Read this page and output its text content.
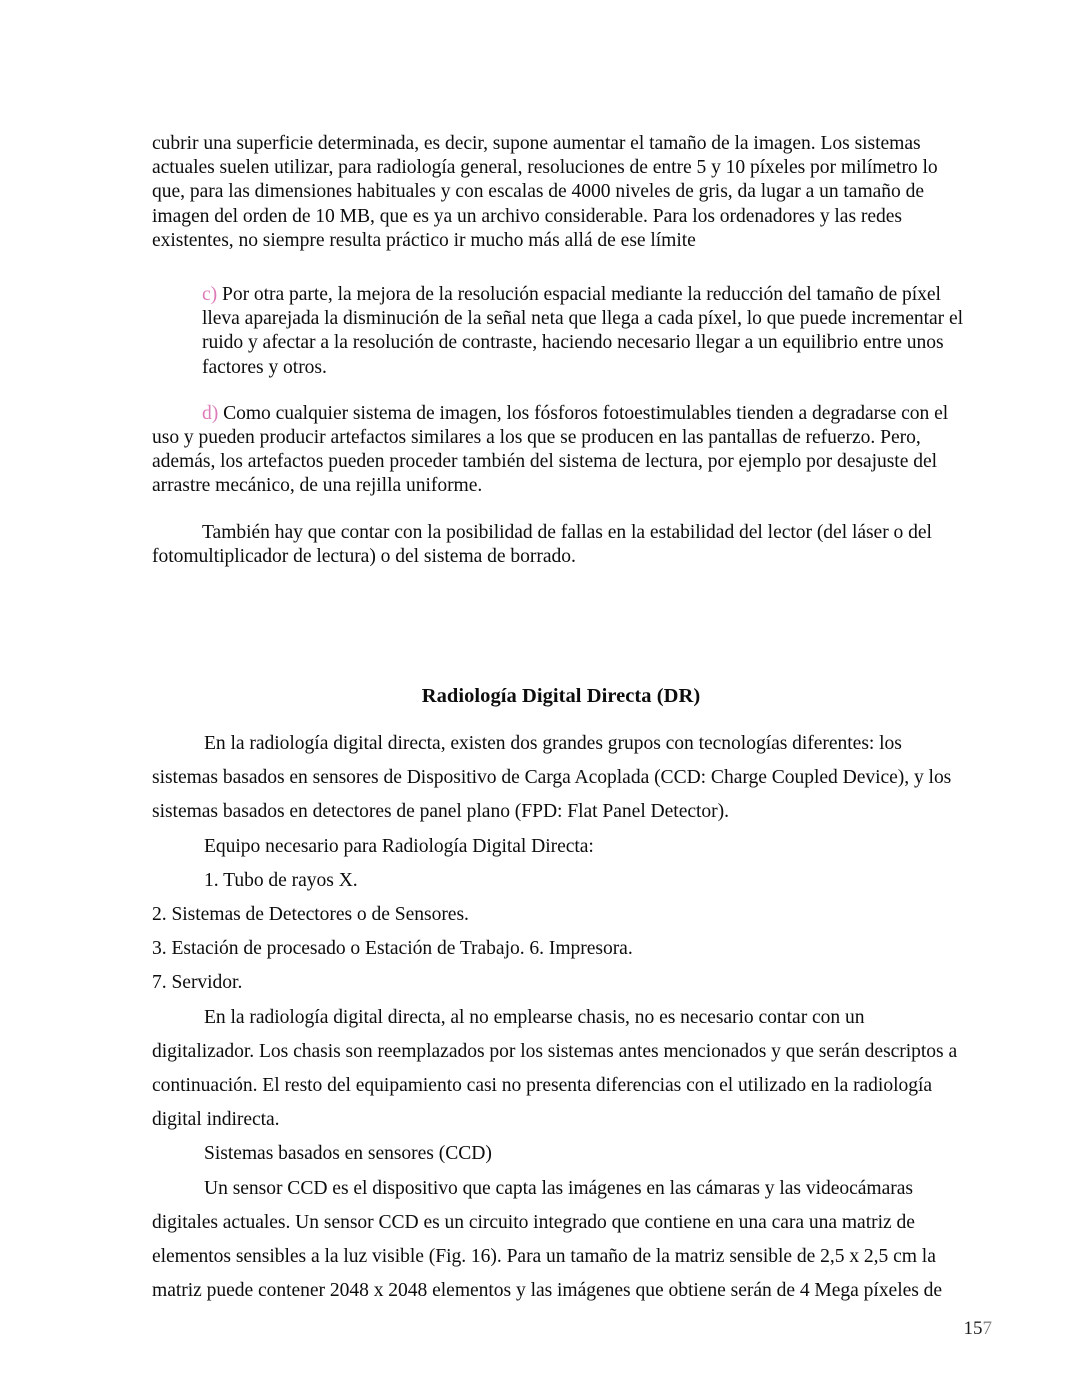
cubrir una superficie determinada, es decir, supone aumentar el tamaño de la imagen. Los sistemas actuales suelen utilizar, para radiología general, resoluciones de entre 5 y 10 píxeles por milímetro lo que, para las dimensiones habituales y con escalas de 4000 niveles de gris, da lugar a un tamaño de imagen del orden de 10 MB, que es ya un archivo considerable. Para los ordenadores y las redes existentes, no siempre resulta práctico ir mucho más allá de ese límite

c) Por otra parte, la mejora de la resolución espacial mediante la reducción del tamaño de píxel lleva aparejada la disminución de la señal neta que llega a cada píxel, lo que puede incrementar el ruido y afectar a la resolución de contraste, haciendo necesario llegar a un equilibrio entre unos factores y otros.

d) Como cualquier sistema de imagen, los fósforos fotoestimulables tienden a degradarse con el uso y pueden producir artefactos similares a los que se producen en las pantallas de refuerzo. Pero, además, los artefactos pueden proceder también del sistema de lectura, por ejemplo por desajuste del arrastre mecánico, de una rejilla uniforme.

También hay que contar con la posibilidad de fallas en la estabilidad del lector (del láser o del fotomultiplicador de lectura) o del sistema de borrado.

Radiología Digital Directa (DR)

En la radiología digital directa, existen dos grandes grupos con tecnologías diferentes: los sistemas basados en sensores de Dispositivo de Carga Acoplada (CCD: Charge Coupled Device), y los sistemas basados en detectores de panel plano (FPD: Flat Panel Detector).

Equipo necesario para Radiología Digital Directa:

1. Tubo de rayos X.

2. Sistemas de Detectores o de Sensores.

3. Estación de procesado o Estación de Trabajo. 6. Impresora.

7. Servidor.

En la radiología digital directa, al no emplearse chasis, no es necesario contar con un digitalizador. Los chasis son reemplazados por los sistemas antes mencionados y que serán descriptos a continuación. El resto del equipamiento casi no presenta diferencias con el utilizado en la radiología digital indirecta.

Sistemas basados en sensores (CCD)

Un sensor CCD es el dispositivo que capta las imágenes en las cámaras y las videocámaras digitales actuales. Un sensor CCD es un circuito integrado que contiene en una cara una matriz de elementos sensibles a la luz visible (Fig. 16). Para un tamaño de la matriz sensible de 2,5 x 2,5 cm la matriz puede contener 2048 x 2048 elementos y las imágenes que obtiene serán de 4 Mega píxeles de

157
